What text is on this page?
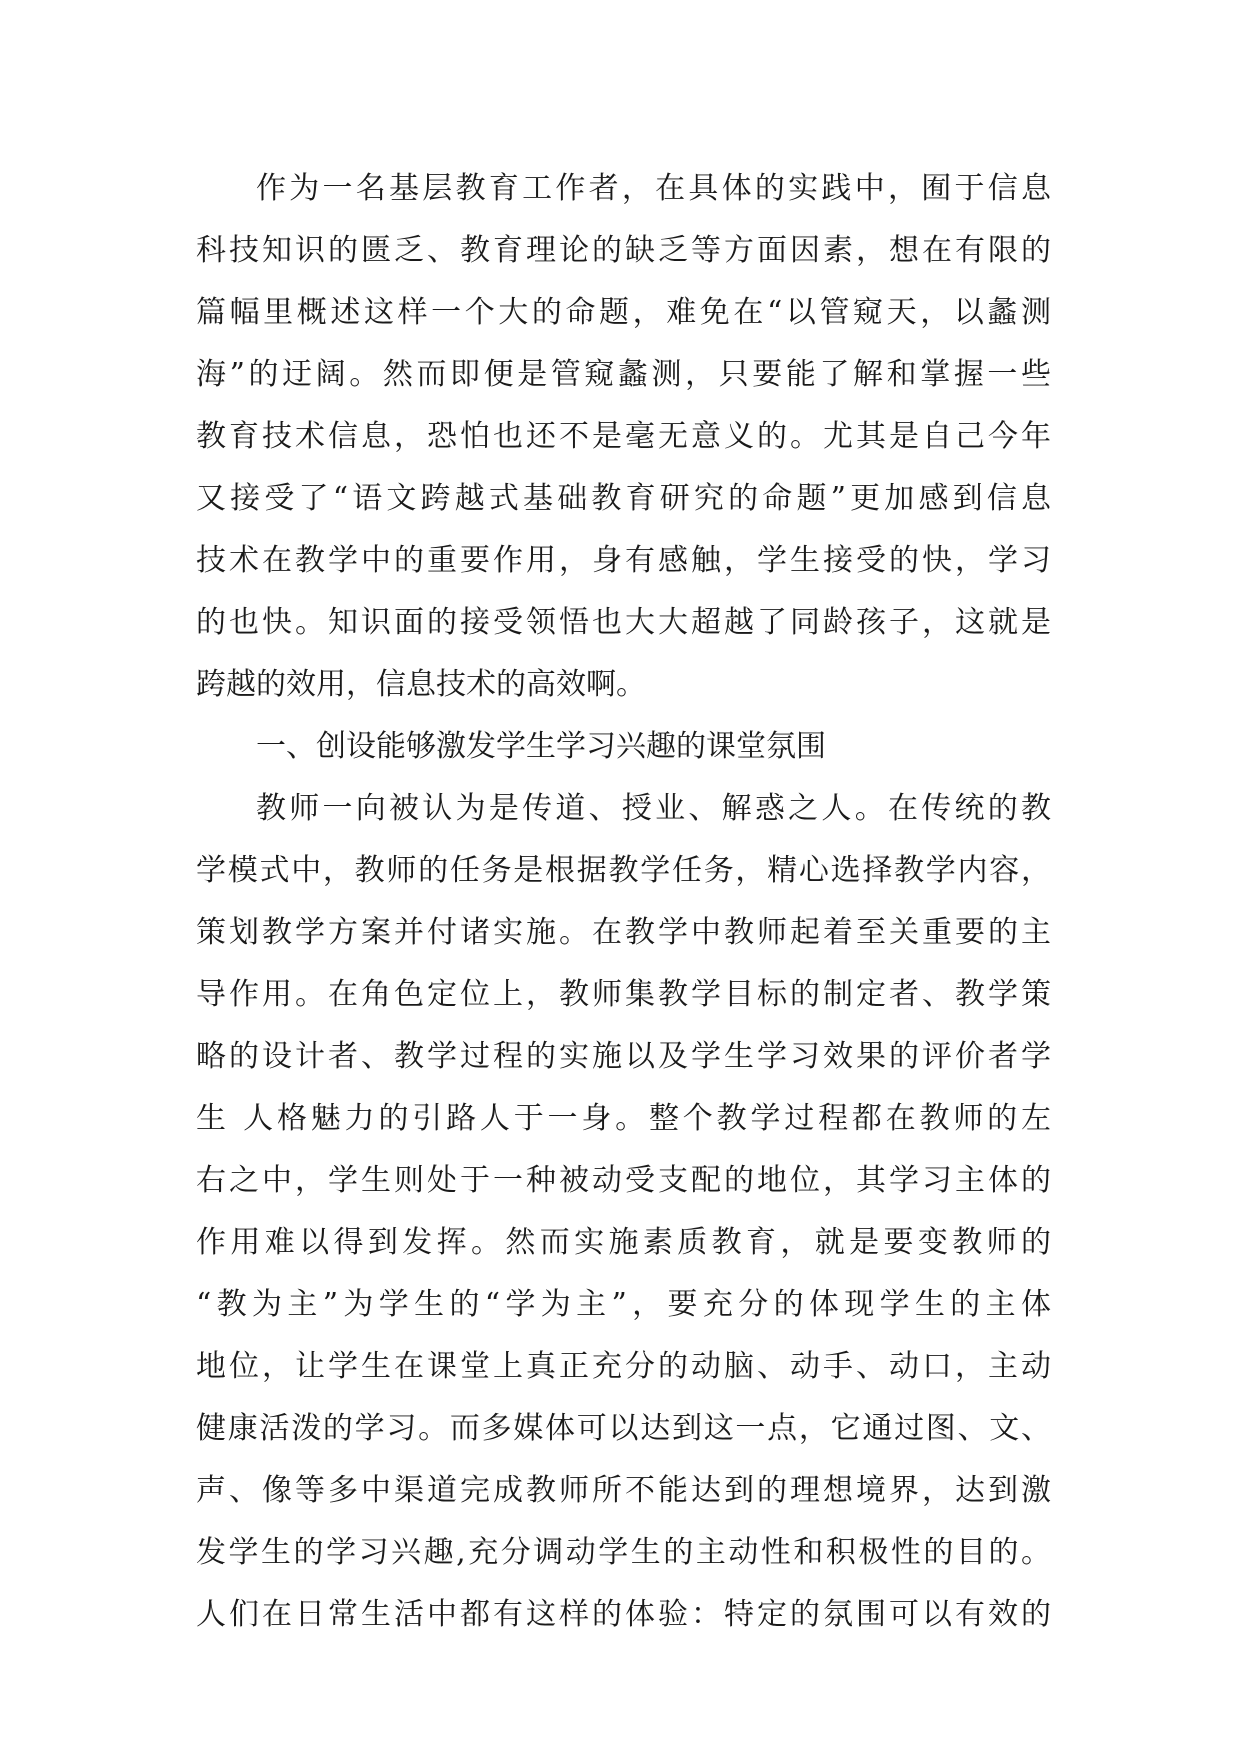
作为一名基层教育工作者，在具体的实践中，囿于信息
科技知识的匮乏、教育理论的缺乏等方面因素，想在有限的
篇幅里概述这样一个大的命题，难免在“以管窥天，以蠡测
海”的迂阔。然而即便是管窥蠡测，只要能了解和掌握一些
教育技术信息，恐怕也还不是毫无意义的。尤其是自己今年
又接受了“语文跨越式基础教育研究的命题”更加感到信息
技术在教学中的重要作用，身有感触，学生接受的快，学习
的也快。知识面的接受领悟也大大超越了同龄孩子，这就是
跨越的效用，信息技术的高效啊。
一、创设能够激发学生学习兴趣的课堂氛围
教师一向被认为是传道、授业、解惑之人。在传统的教
学模式中，教师的任务是根据教学任务，精心选择教学内容，
策划教学方案并付诸实施。在教学中教师起着至关重要的主
导作用。在角色定位上，教师集教学目标的制定者、教学策
略的设计者、教学过程的实施以及学生学习效果的评价者学
生 人格魅力的引路人于一身。整个教学过程都在教师的左
右之中，学生则处于一种被动受支配的地位，其学习主体的
作用难以得到发挥。然而实施素质教育，就是要变教师的
“教为主”为学生的“学为主”，要充分的体现学生的主体
地位，让学生在课堂上真正充分的动脑、动手、动口，主动
健康活泼的学习。而多媒体可以达到这一点，它通过图、文、
声、像等多中渠道完成教师所不能达到的理想境界，达到激
发学生的学习兴趣,充分调动学生的主动性和积极性的目的。
人们在日常生活中都有这样的体验：特定的氛围可以有效的
